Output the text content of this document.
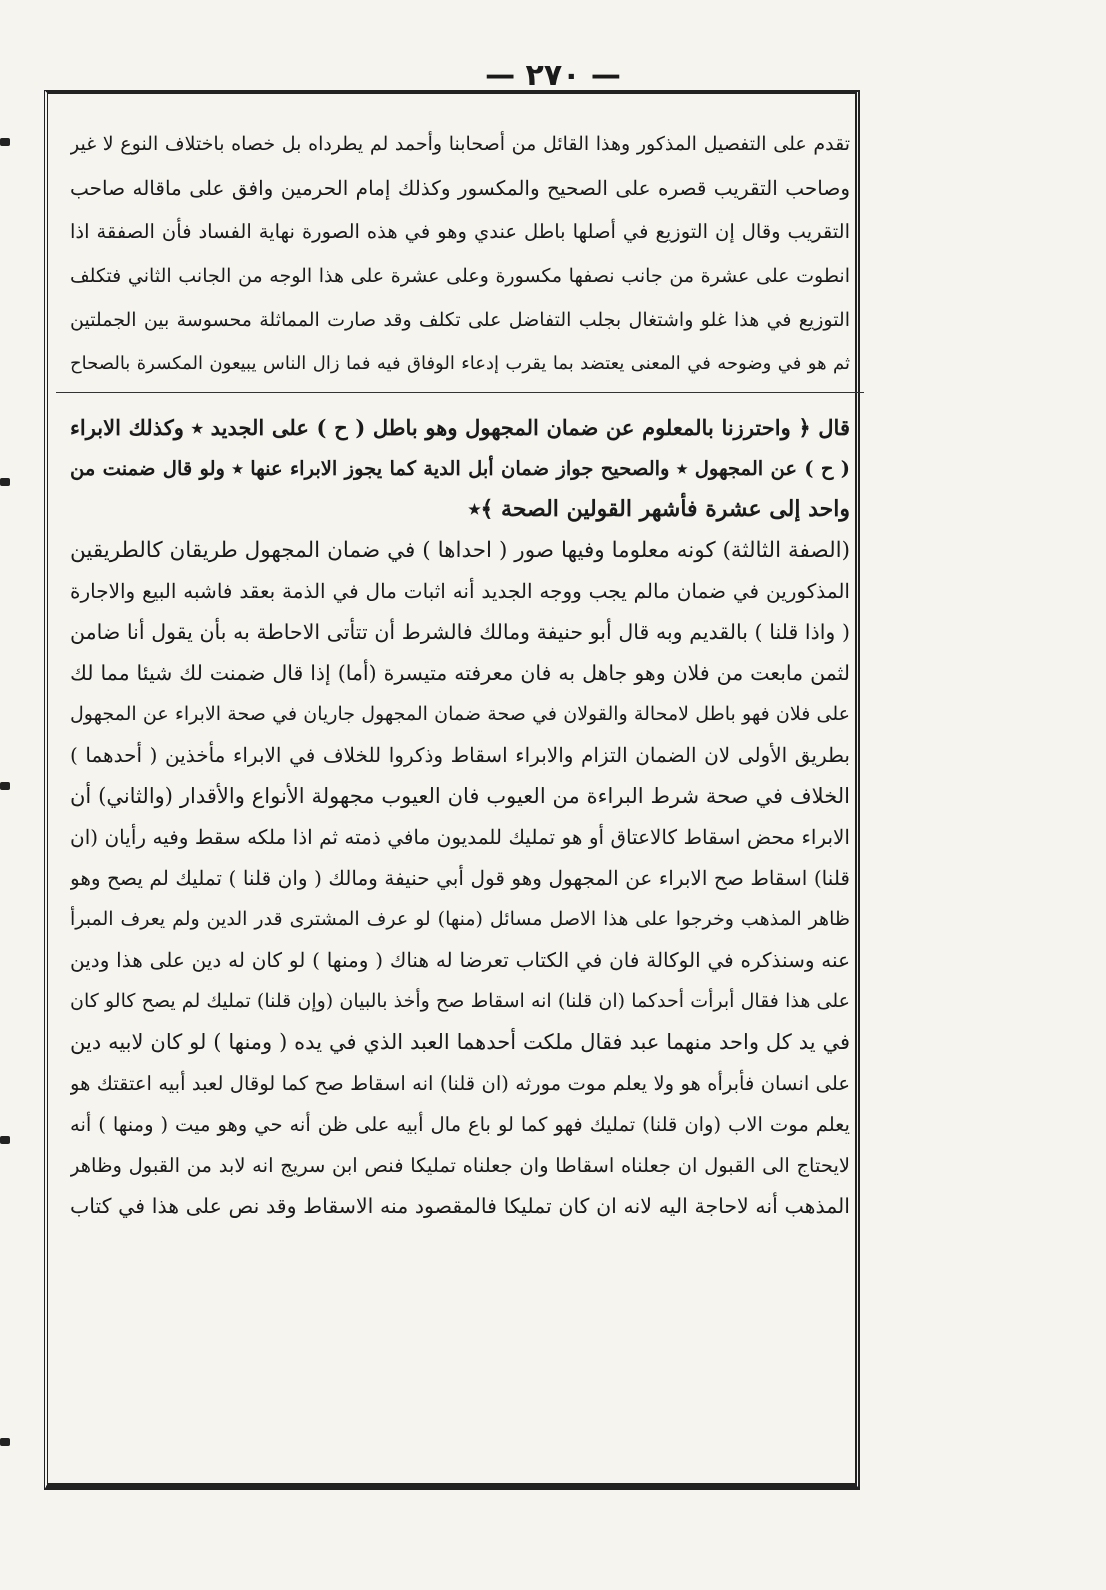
— ٢٧٠ —
تقدم على التفصيل المذكور وهذا القائل من أصحابنا وأحمد لم يطرداه بل خصاه باختلاف النوع لا غير
وصاحب التقريب قصره على الصحيح والمكسور وكذلك إمام الحرمين وافق على ماقاله صاحب
التقريب وقال إن التوزيع في أصلها باطل عندي وهو في هذه الصورة نهاية الفساد فأن الصفقة اذا
انطوت على عشرة من جانب نصفها مكسورة وعلى عشرة على هذا الوجه من الجانب الثاني فتكلف
التوزيع في هذا غلو واشتغال بجلب التفاضل على تكلف وقد صارت المماثلة محسوسة بين الجملتين
ثم هو في وضوحه في المعنى يعتضد بما يقرب إدعاء الوفاق فيه فما زال الناس يبيعون المكسرة بالصحاح
قال ﴿ واحترزنا بالمعلوم عن ضمان المجهول وهو باطل ( ح ) على الجديد ٭ وكذلك الابراء
( ح ) عن المجهول ٭ والصحيح جواز ضمان أبل الدية كما يجوز الابراء عنها ٭ ولو قال ضمنت من
واحد إلى عشرة فأشهر القولين الصحة ﴾٭
(الصفة الثالثة) كونه معلوما وفيها صور ( احداها ) في ضمان المجهول طريقان كالطريقين
المذكورين في ضمان مالم يجب ووجه الجديد أنه اثبات مال في الذمة بعقد فاشبه البيع والاجارة
( واذا قلنا ) بالقديم وبه قال أبو حنيفة ومالك فالشرط أن تتأتى الاحاطة به بأن يقول أنا ضامن
لثمن مابعت من فلان وهو جاهل به فان معرفته متيسرة (أما) إذا قال ضمنت لك شيئا مما لك
على فلان فهو باطل لامحالة والقولان في صحة ضمان المجهول جاريان في صحة الابراء عن المجهول
بطريق الأولى لان الضمان التزام والابراء اسقاط وذكروا للخلاف في الابراء مأخذين ( أحدهما )
الخلاف في صحة شرط البراءة من العيوب فان العيوب مجهولة الأنواع والأقدار (والثاني) أن
الابراء محض اسقاط كالاعتاق أو هو تمليك للمديون مافي ذمته ثم اذا ملكه سقط وفيه رأيان (ان
قلنا) اسقاط صح الابراء عن المجهول وهو قول أبي حنيفة ومالك ( وان قلنا ) تمليك لم يصح وهو
ظاهر المذهب وخرجوا على هذا الاصل مسائل (منها) لو عرف المشترى قدر الدين ولم يعرف المبرأ
عنه وسنذكره في الوكالة فان في الكتاب تعرضا له هناك ( ومنها ) لو كان له دين على هذا ودين
على هذا فقال أبرأت أحدكما (ان قلنا) انه اسقاط صح وأخذ بالبيان (وإن قلنا) تمليك لم يصح كالو كان
في يد كل واحد منهما عبد فقال ملكت أحدهما العبد الذي في يده ( ومنها ) لو كان لابيه دين
على انسان فأبرأه هو ولا يعلم موت مورثه (ان قلنا) انه اسقاط صح كما لوقال لعبد أبيه اعتقتك هو
يعلم موت الاب (وان قلنا) تمليك فهو كما لو باع مال أبيه على ظن أنه حي وهو ميت ( ومنها ) أنه
لايحتاج الى القبول ان جعلناه اسقاطا وان جعلناه تمليكا فنص ابن سريج انه لابد من القبول وظاهر
المذهب أنه لاحاجة اليه لانه ان كان تمليكا فالمقصود منه الاسقاط وقد نص على هذا في كتاب
